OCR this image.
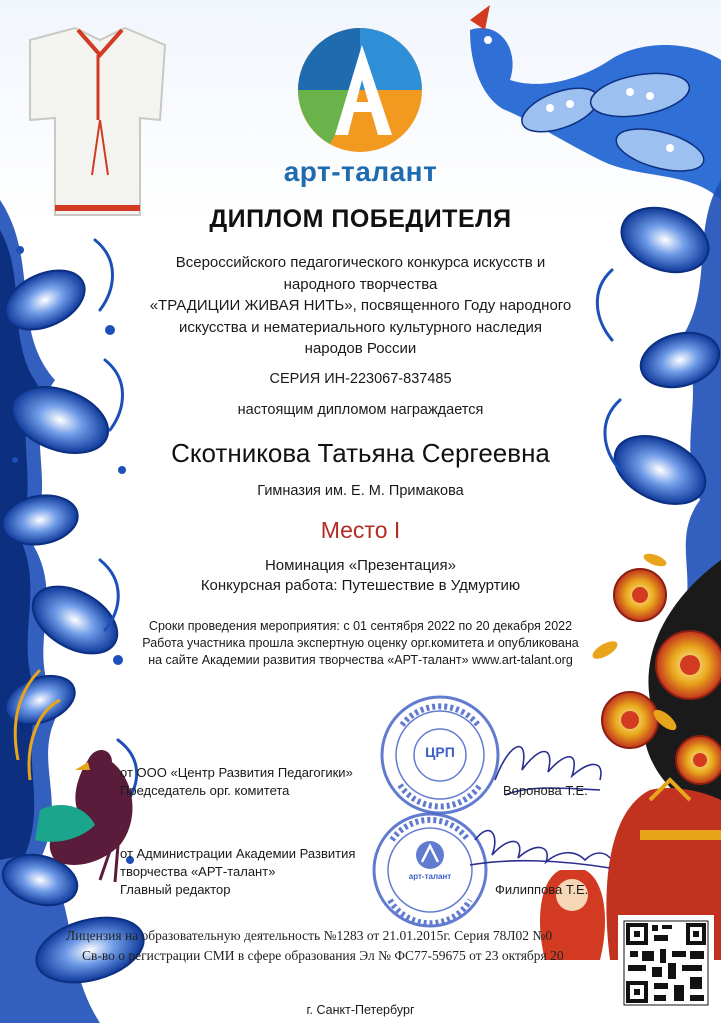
арт-талант
ДИПЛОМ ПОБЕДИТЕЛЯ
Всероссийского педагогического конкурса искусств и
народного творчества
«ТРАДИЦИИ ЖИВАЯ НИТЬ», посвященного Году народного
искусства и нематериального культурного наследия
народов России
СЕРИЯ ИН-223067-837485
настоящим дипломом награждается
Скотникова Татьяна Сергеевна
Гимназия им. Е. М. Примакова
Место I
Номинация «Презентация»
Конкурсная работа: Путешествие в Удмуртию
Сроки проведения мероприятия: с 01 сентября 2022 по 20 декабря 2022
Работа участника прошла экспертную оценку орг.комитета и опубликована
на сайте Академии развития творчества «АРТ-талант» www.art-talant.org
ЦРП
арт-талант
от ООО «Центр Развития Педагогики»
Председатель орг. комитета	Воронова Т.Е.
от Администрации Академии Развития
творчества «АРТ-талант»
Главный редактор	Филиппова Т.Е.
Лицензия на образовательную деятельность №1283 от 21.01.2015г. Серия 78Л02 №0
Св-во о регистрации СМИ в сфере образования Эл № ФС77-59675 от 23 октября 20
г. Санкт-Петербург
